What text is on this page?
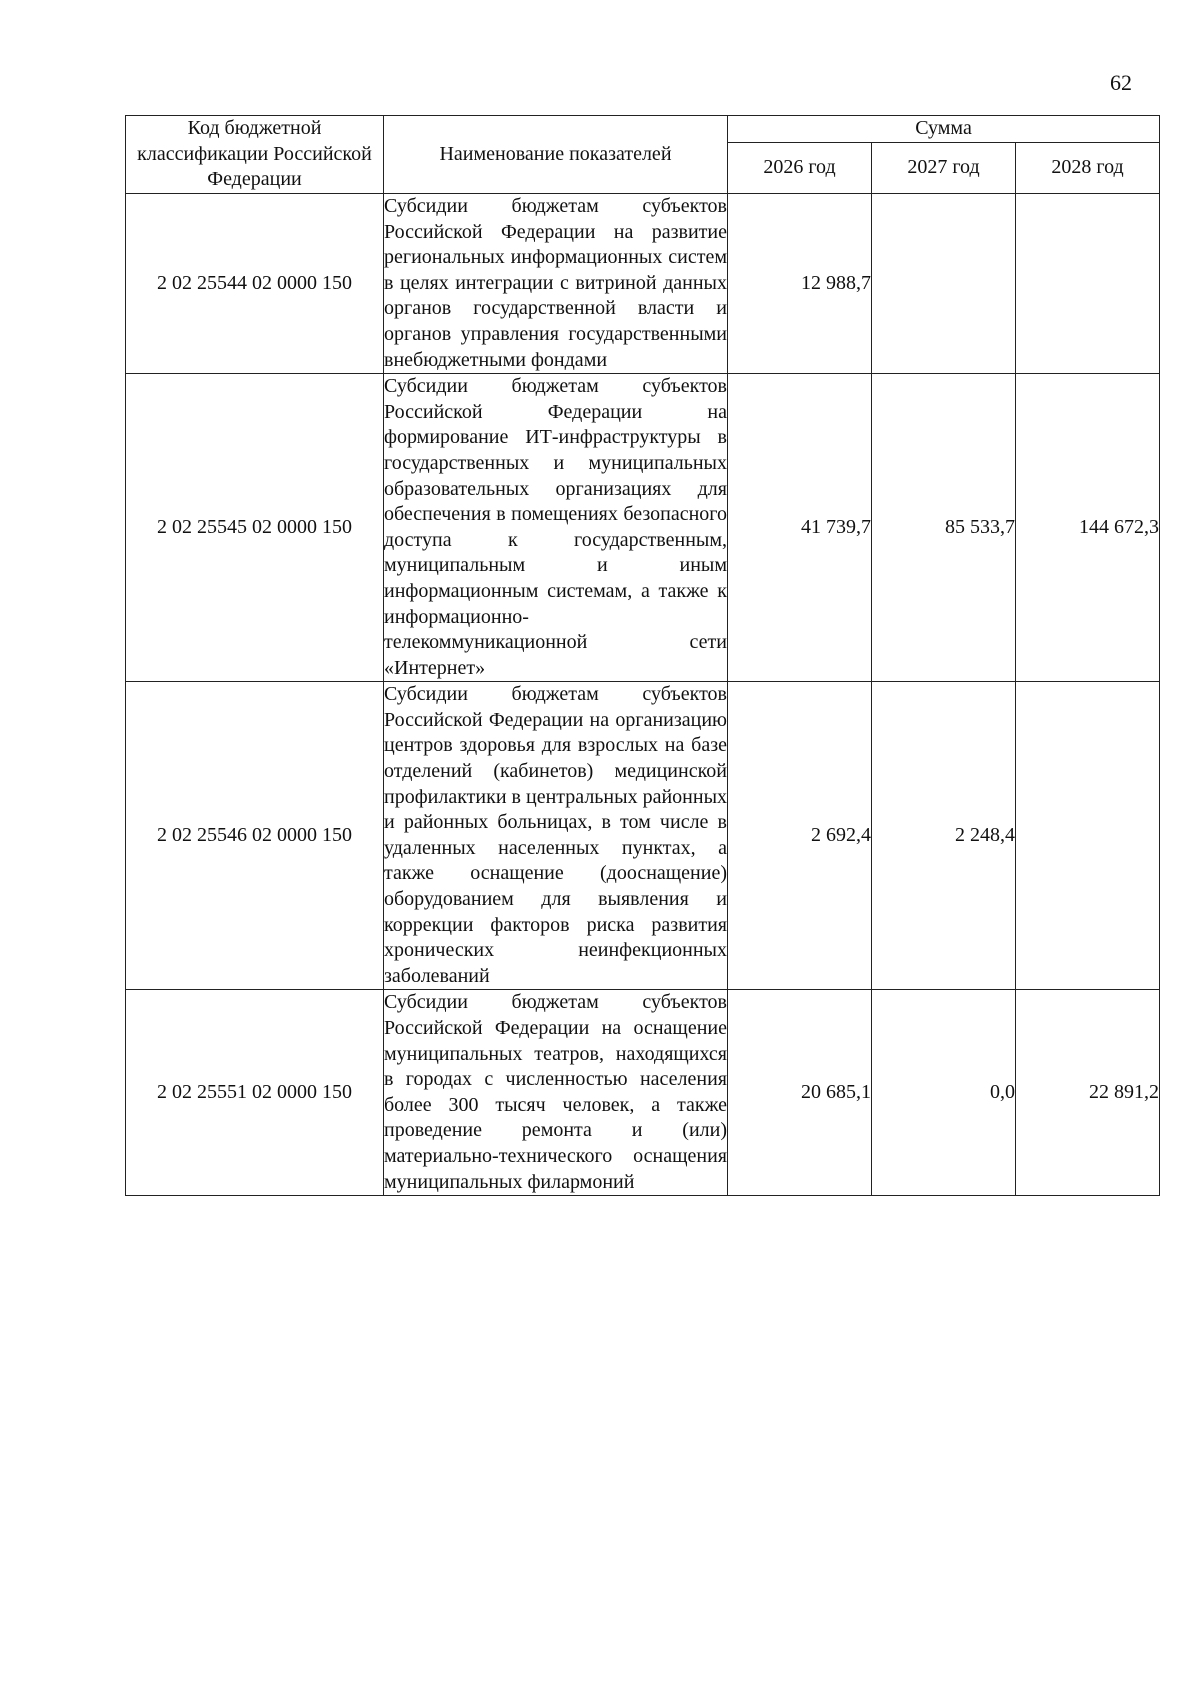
62
Код бюджетной классификации Российской Федерации	Наименование показателей	Сумма		
		2026 год	2027 год	2028 год
2 02 25544 02 0000 150	Субсидии бюджетам субъектов Российской Федерации на развитие региональных информационных систем в целях интеграции с витриной данных органов государственной власти и органов управления государственными внебюджетными фондами	12 988,7		
2 02 25545 02 0000 150	Субсидии бюджетам субъектов Российской Федерации на формирование ИТ-инфраструктуры в государственных и муниципальных образовательных организациях для обеспечения в помещениях безопасного доступа к государственным, муниципальным и иным информационным системам, а также к информационно-телекоммуникационной сети «Интернет»	41 739,7	85 533,7	144 672,3
2 02 25546 02 0000 150	Субсидии бюджетам субъектов Российской Федерации на организацию центров здоровья для взрослых на базе отделений (кабинетов) медицинской профилактики в центральных районных и районных больницах, в том числе в удаленных населенных пунктах, а также оснащение (дооснащение) оборудованием для выявления и коррекции факторов риска развития хронических неинфекционных заболеваний	2 692,4	2 248,4	
2 02 25551 02 0000 150	Субсидии бюджетам субъектов Российской Федерации на оснащение муниципальных театров, находящихся в городах с численностью населения более 300 тысяч человек, а также проведение ремонта и (или) материально-технического оснащения муниципальных филармоний	20 685,1	0,0	22 891,2
